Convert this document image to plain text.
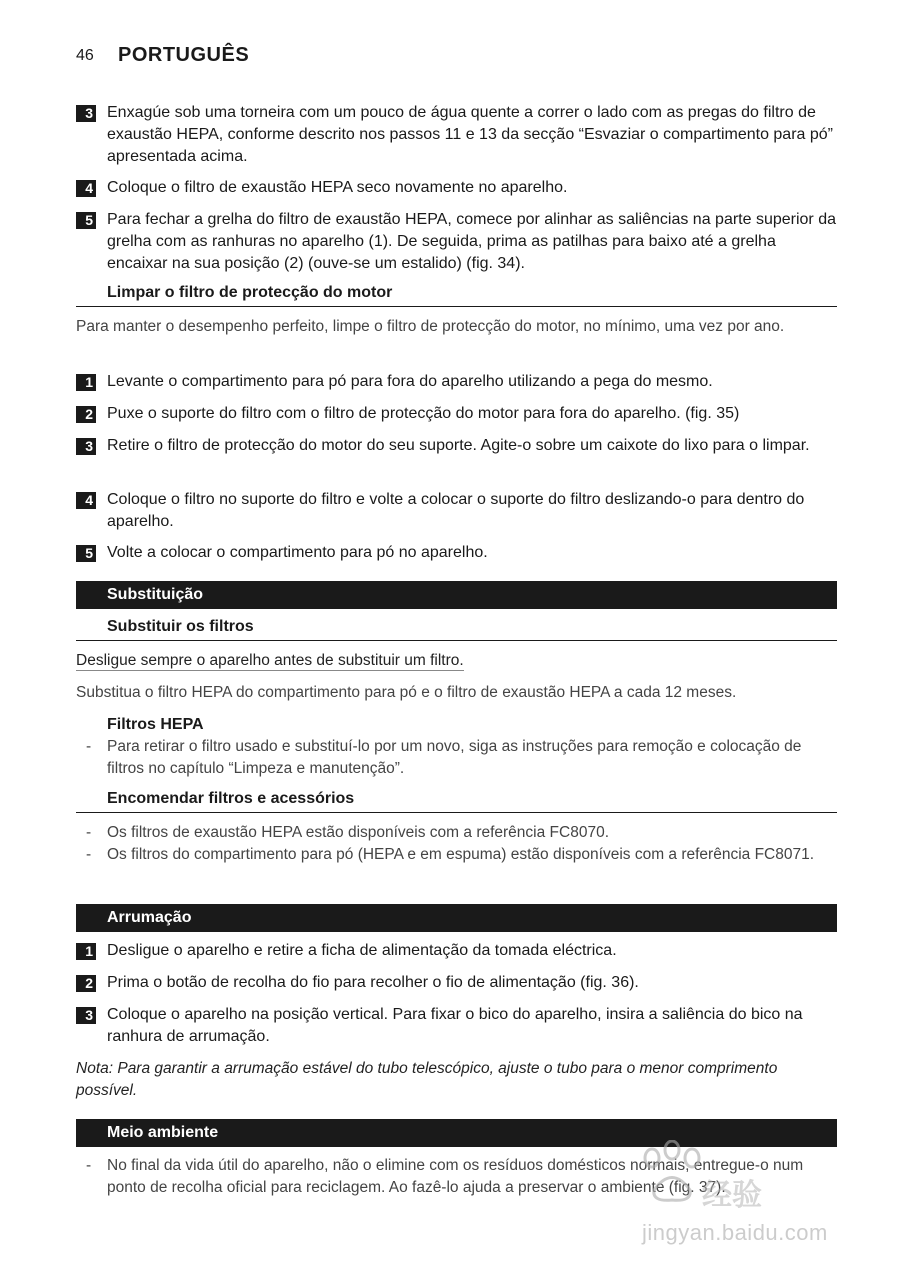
46 PORTUGUÊS
3 Enxagúe sob uma torneira com um pouco de água quente a correr o lado com as pregas do filtro de exaustão HEPA, conforme descrito nos passos 11 e 13 da secção “Esvaziar o compartimento para pó” apresentada acima.
4 Coloque o filtro de exaustão HEPA seco novamente no aparelho.
5 Para fechar a grelha do filtro de exaustão HEPA, comece por alinhar as saliências na parte superior da grelha com as ranhuras no aparelho (1). De seguida, prima as patilhas para baixo até a grelha encaixar na sua posição (2) (ouve-se um estalido) (fig. 34).
Limpar o filtro de protecção do motor
Para manter o desempenho perfeito, limpe o filtro de protecção do motor, no mínimo, uma vez por ano.
1 Levante o compartimento para pó para fora do aparelho utilizando a pega do mesmo.
2 Puxe o suporte do filtro com o filtro de protecção do motor para fora do aparelho. (fig. 35)
3 Retire o filtro de protecção do motor do seu suporte. Agite-o sobre um caixote do lixo para o limpar.
4 Coloque o filtro no suporte do filtro e volte a colocar o suporte do filtro deslizando-o para dentro do aparelho.
5 Volte a colocar o compartimento para pó no aparelho.
Substituição
Substituir os filtros
Desligue sempre o aparelho antes de substituir um filtro.
Substitua o filtro HEPA do compartimento para pó e o filtro de exaustão HEPA a cada 12 meses.
Filtros HEPA
- Para retirar o filtro usado e substituí-lo por um novo, siga as instruções para remoção e colocação de filtros no capítulo “Limpeza e manutenção”.
Encomendar filtros e acessórios
- Os filtros de exaustão HEPA estão disponíveis com a referência FC8070.
- Os filtros do compartimento para pó (HEPA e em espuma) estão disponíveis com a referência FC8071.
Arrumação
1 Desligue o aparelho e retire a ficha de alimentação da tomada eléctrica.
2 Prima o botão de recolha do fio para recolher o fio de alimentação (fig. 36).
3 Coloque o aparelho na posição vertical. Para fixar o bico do aparelho, insira a saliência do bico na ranhura de arrumação.
Nota: Para garantir a arrumação estável do tubo telescópico, ajuste o tubo para o menor comprimento possível.
Meio ambiente
- No final da vida útil do aparelho, não o elimine com os resíduos domésticos normais, entregue-o num ponto de recolha oficial para reciclagem. Ao fazê-lo ajuda a preservar o ambiente (fig. 37).
经验
jingyan.baidu.com
